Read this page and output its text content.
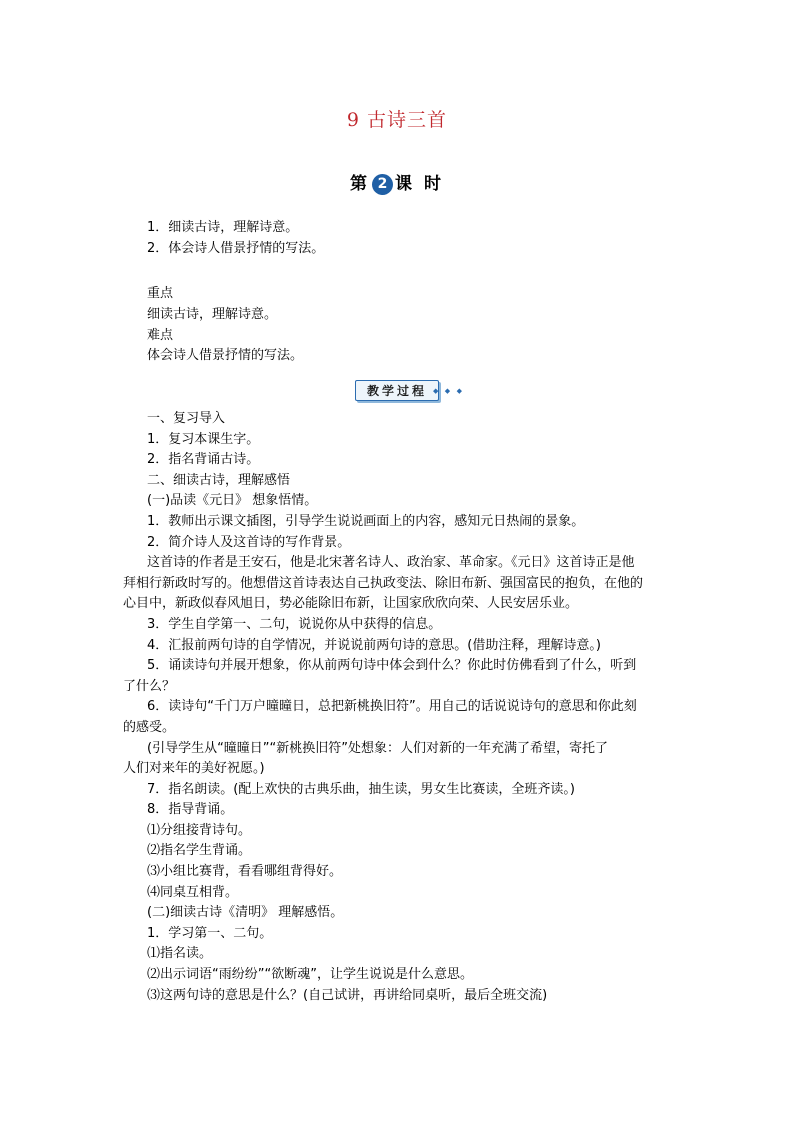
9 古诗三首
第 2 课 时
1．细读古诗，理解诗意。
2．体会诗人借景抒情的写法。
重点
细读古诗，理解诗意。
难点
体会诗人借景抒情的写法。
教学过程 ◆ ◆ ◆
一、复习导入
1．复习本课生字。
2．指名背诵古诗。
二、细读古诗，理解感悟
(一)品读《元日》 想象悟情。
1．教师出示课文插图，引导学生说说画面上的内容，感知元日热闹的景象。
2．简介诗人及这首诗的写作背景。
这首诗的作者是王安石，他是北宋著名诗人、政治家、革命家。《元日》这首诗正是他
拜相行新政时写的。他想借这首诗表达自己执政变法、除旧布新、强国富民的抱负，在他的
心目中，新政似春风旭日，势必能除旧布新，让国家欣欣向荣、人民安居乐业。
3．学生自学第一、二句，说说你从中获得的信息。
4．汇报前两句诗的自学情况，并说说前两句诗的意思。(借助注释，理解诗意。)
5．诵读诗句并展开想象，你从前两句诗中体会到什么？你此时仿佛看到了什么，听到
了什么？
6．读诗句“千门万户曈曈日，总把新桃换旧符”。用自己的话说说诗句的意思和你此刻
的感受。
(引导学生从“曈曈日”“新桃换旧符”处想象：人们对新的一年充满了希望，寄托了
人们对来年的美好祝愿。)
7．指名朗读。(配上欢快的古典乐曲，抽生读，男女生比赛读，全班齐读。)
8．指导背诵。
⑴分组接背诗句。
⑵指名学生背诵。
⑶小组比赛背，看看哪组背得好。
⑷同桌互相背。
(二)细读古诗《清明》 理解感悟。
1．学习第一、二句。
⑴指名读。
⑵出示词语“雨纷纷”“欲断魂”，让学生说说是什么意思。
⑶这两句诗的意思是什么？(自己试讲，再讲给同桌听，最后全班交流)
